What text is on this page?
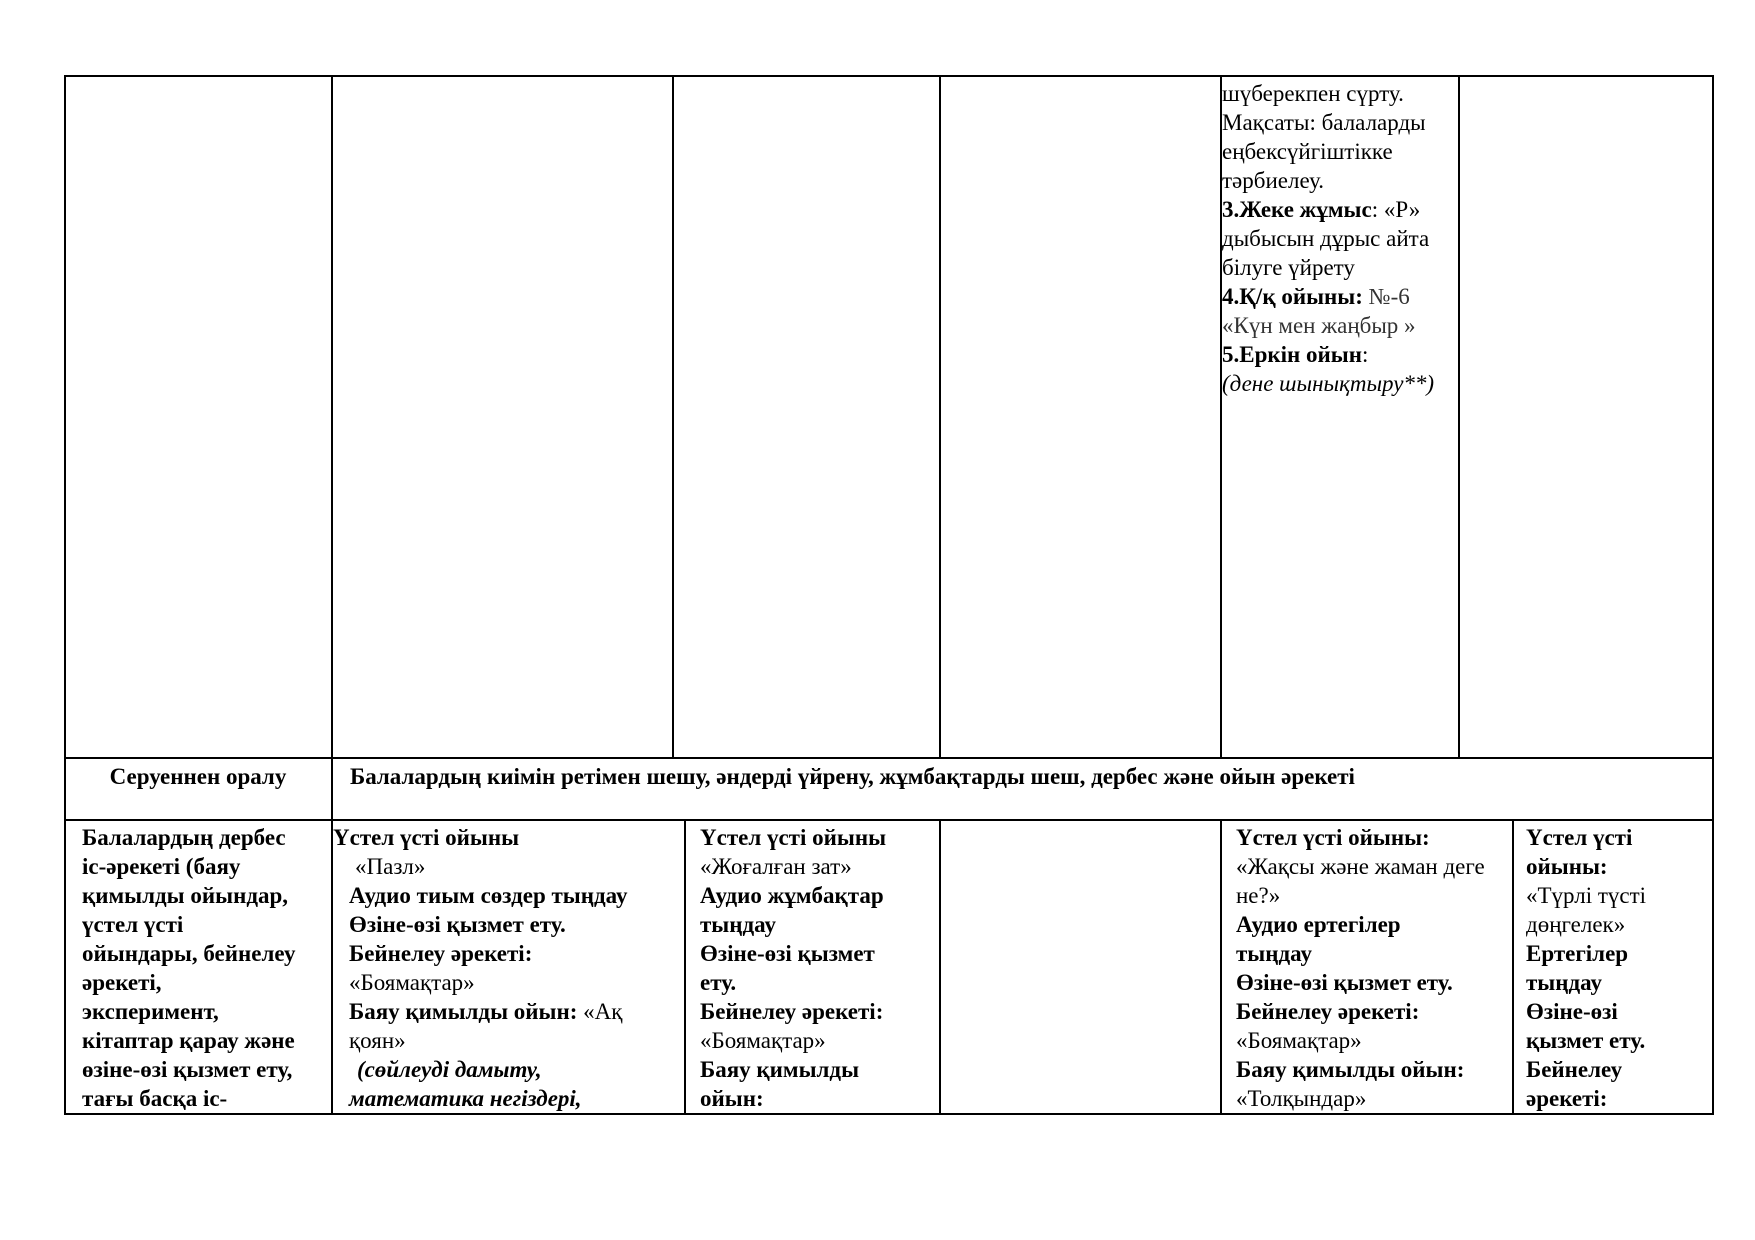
шүберекпен сүрту.

Мақсаты: балаларды

еңбексүйгіштікке

тәрбиелеу.

3.Жеке жұмыс: «Р»

дыбысын дұрыс айта

білуге үйрету

4.Қ/қ ойыны: №-6

«Күн мен жаңбыр »

5.Еркін ойын:

(дене шынықтыру**)

Серуеннен оралу	Балалардың киімін ретімен шешу, әндерді үйрену, жұмбақтарды шеш, дербес және ойын әрекеті

Балалардың дербес

іс-әрекеті (баяу

қимылды ойындар,

үстел үсті

ойындары, бейнелеу

әрекеті,

эксперимент,

кітаптар қарау және

өзіне-өзі қызмет ету,

тағы басқа іс-

Үстел үсті ойыны

«Пазл»

Аудио тиым сөздер тыңдау

Өзіне-өзі қызмет ету.

Бейнелеу әрекеті:

«Боямақтар»

Баяу қимылды ойын: «Ақ

қоян»

(сөйлеуді дамыту,

математика негіздері,

Үстел үсті ойыны

«Жоғалған зат»

Аудио жұмбақтар

тыңдау

Өзіне-өзі қызмет

ету.

Бейнелеу әрекеті:

«Боямақтар»

Баяу қимылды

ойын:

Үстел үсті ойыны:

«Жақсы және жаман деге

не?»

Аудио ертегілер

тыңдау

Өзіне-өзі қызмет ету.

Бейнелеу әрекеті:

«Боямақтар»

Баяу қимылды ойын:

«Толқындар»

Үстел үсті

ойыны:

«Түрлі түсті

дөңгелек»

Ертегілер

тыңдау

Өзіне-өзі

қызмет ету.

Бейнелеу

әрекеті:
